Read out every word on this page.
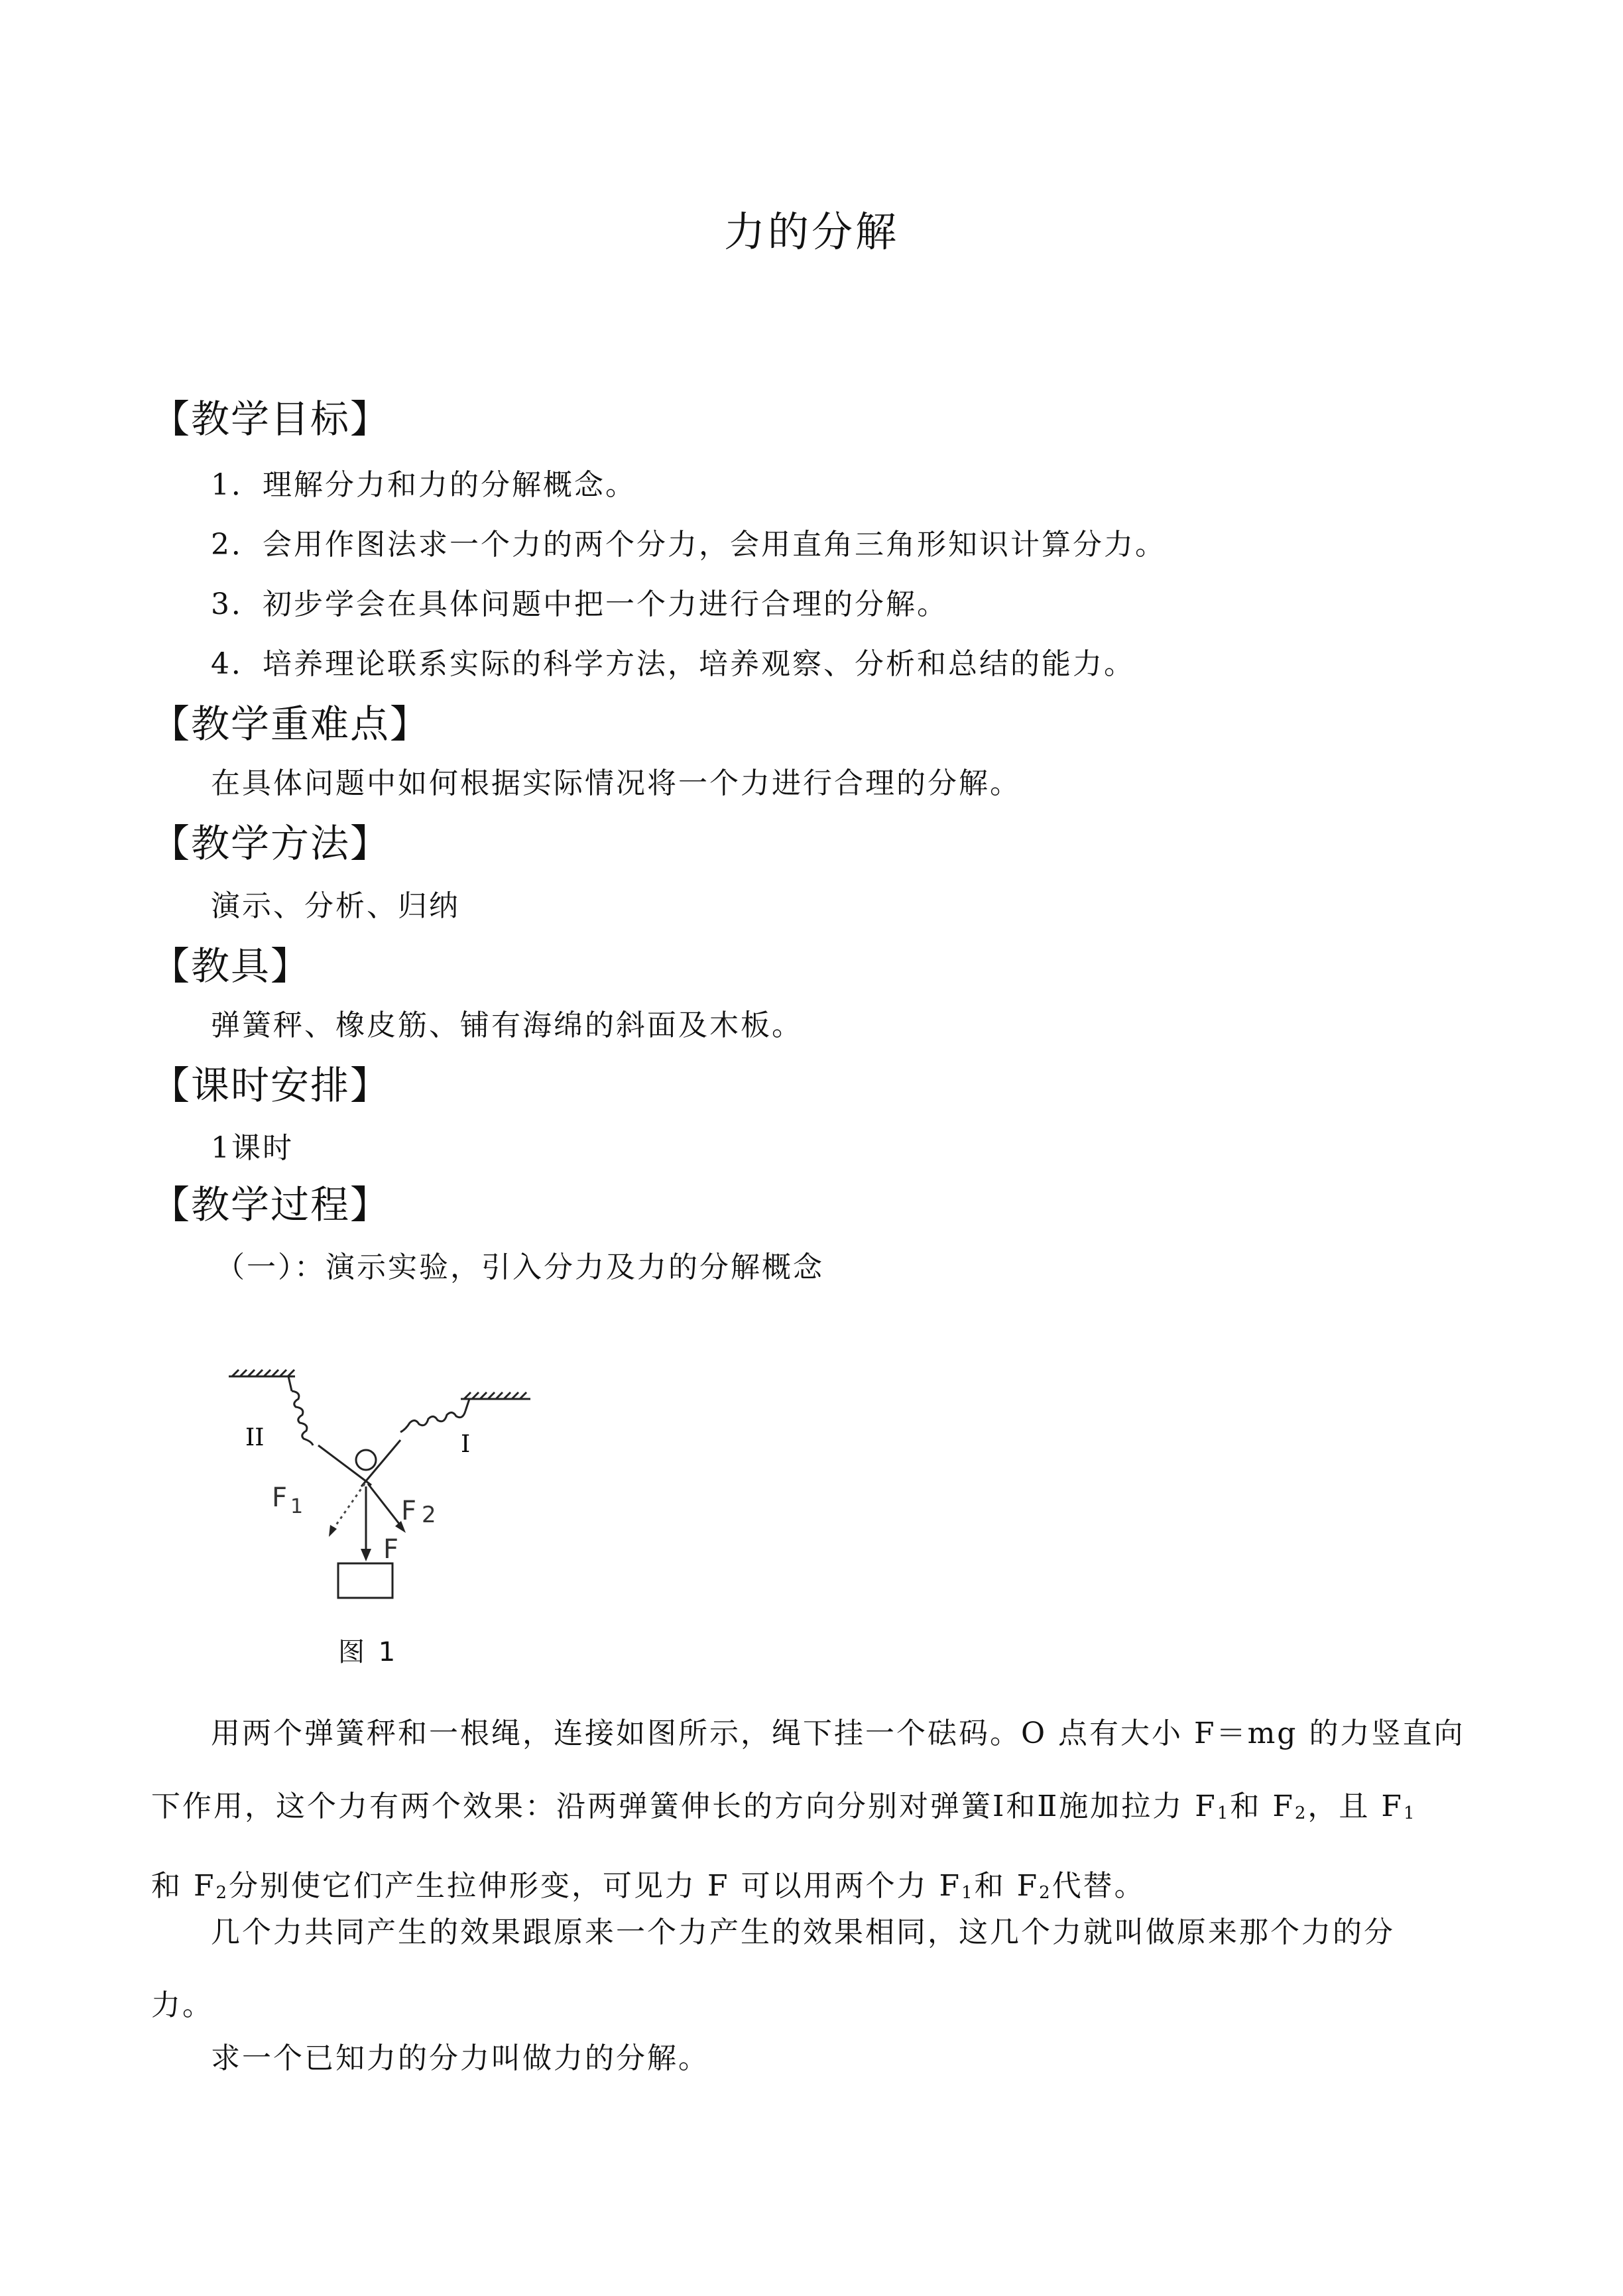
力的分解
【教学目标】
1．理解分力和力的分解概念。
2．会用作图法求一个力的两个分力，会用直角三角形知识计算分力。
3．初步学会在具体问题中把一个力进行合理的分解。
4．培养理论联系实际的科学方法，培养观察、分析和总结的能力。
【教学重难点】
在具体问题中如何根据实际情况将一个力进行合理的分解。
【教学方法】
演示、分析、归纳
【教具】
弹簧秤、橡皮筋、铺有海绵的斜面及木板。
【课时安排】
1课时
【教学过程】
（一）：演示实验，引入分力及力的分解概念
II	I
F 1	F 2
F
图 1
用两个弹簧秤和一根绳，连接如图所示，绳下挂一个砝码。O 点有大小 F＝mg 的力竖直向
下作用，这个力有两个效果：沿两弹簧伸长的方向分别对弹簧Ⅰ和Ⅱ施加拉力 $F_1$和 $F_2$，且 $F_1$
和 $F_2$分别使它们产生拉伸形变，可见力 F 可以用两个力 $F_1$和 $F_2$代替。
几个力共同产生的效果跟原来一个力产生的效果相同，这几个力就叫做原来那个力的分
力。
求一个已知力的分力叫做力的分解。
